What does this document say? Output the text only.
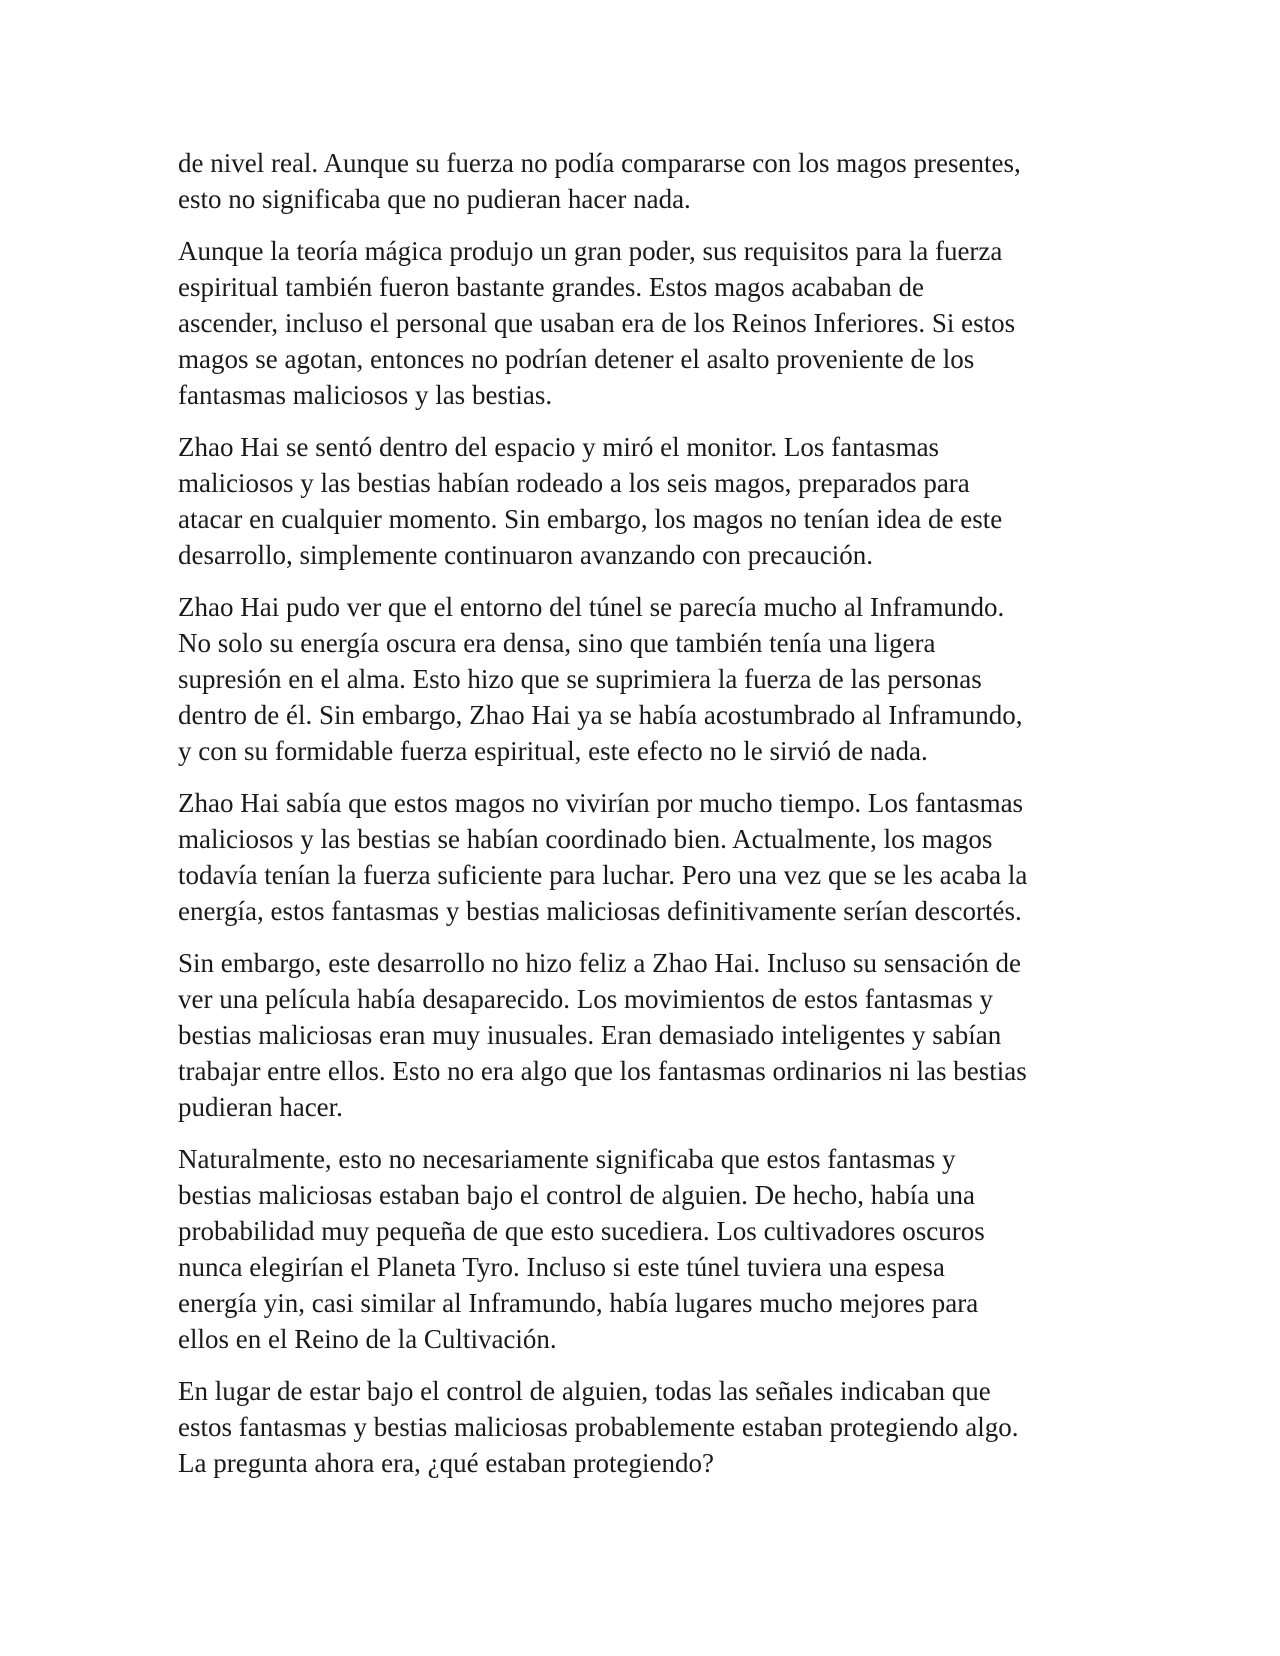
de nivel real. Aunque su fuerza no podía compararse con los magos presentes,
esto no significaba que no pudieran hacer nada.

Aunque la teoría mágica produjo un gran poder, sus requisitos para la fuerza
espiritual también fueron bastante grandes. Estos magos acababan de
ascender, incluso el personal que usaban era de los Reinos Inferiores. Si estos
magos se agotan, entonces no podrían detener el asalto proveniente de los
fantasmas maliciosos y las bestias.

Zhao Hai se sentó dentro del espacio y miró el monitor. Los fantasmas
maliciosos y las bestias habían rodeado a los seis magos, preparados para
atacar en cualquier momento. Sin embargo, los magos no tenían idea de este
desarrollo, simplemente continuaron avanzando con precaución.

Zhao Hai pudo ver que el entorno del túnel se parecía mucho al Inframundo.
No solo su energía oscura era densa, sino que también tenía una ligera
supresión en el alma. Esto hizo que se suprimiera la fuerza de las personas
dentro de él. Sin embargo, Zhao Hai ya se había acostumbrado al Inframundo,
y con su formidable fuerza espiritual, este efecto no le sirvió de nada.

Zhao Hai sabía que estos magos no vivirían por mucho tiempo. Los fantasmas
maliciosos y las bestias se habían coordinado bien. Actualmente, los magos
todavía tenían la fuerza suficiente para luchar. Pero una vez que se les acaba la
energía, estos fantasmas y bestias maliciosas definitivamente serían descortés.

Sin embargo, este desarrollo no hizo feliz a Zhao Hai. Incluso su sensación de
ver una película había desaparecido. Los movimientos de estos fantasmas y
bestias maliciosas eran muy inusuales. Eran demasiado inteligentes y sabían
trabajar entre ellos. Esto no era algo que los fantasmas ordinarios ni las bestias
pudieran hacer.

Naturalmente, esto no necesariamente significaba que estos fantasmas y
bestias maliciosas estaban bajo el control de alguien. De hecho, había una
probabilidad muy pequeña de que esto sucediera. Los cultivadores oscuros
nunca elegirían el Planeta Tyro. Incluso si este túnel tuviera una espesa
energía yin, casi similar al Inframundo, había lugares mucho mejores para
ellos en el Reino de la Cultivación.

En lugar de estar bajo el control de alguien, todas las señales indicaban que
estos fantasmas y bestias maliciosas probablemente estaban protegiendo algo.
La pregunta ahora era, ¿qué estaban protegiendo?
